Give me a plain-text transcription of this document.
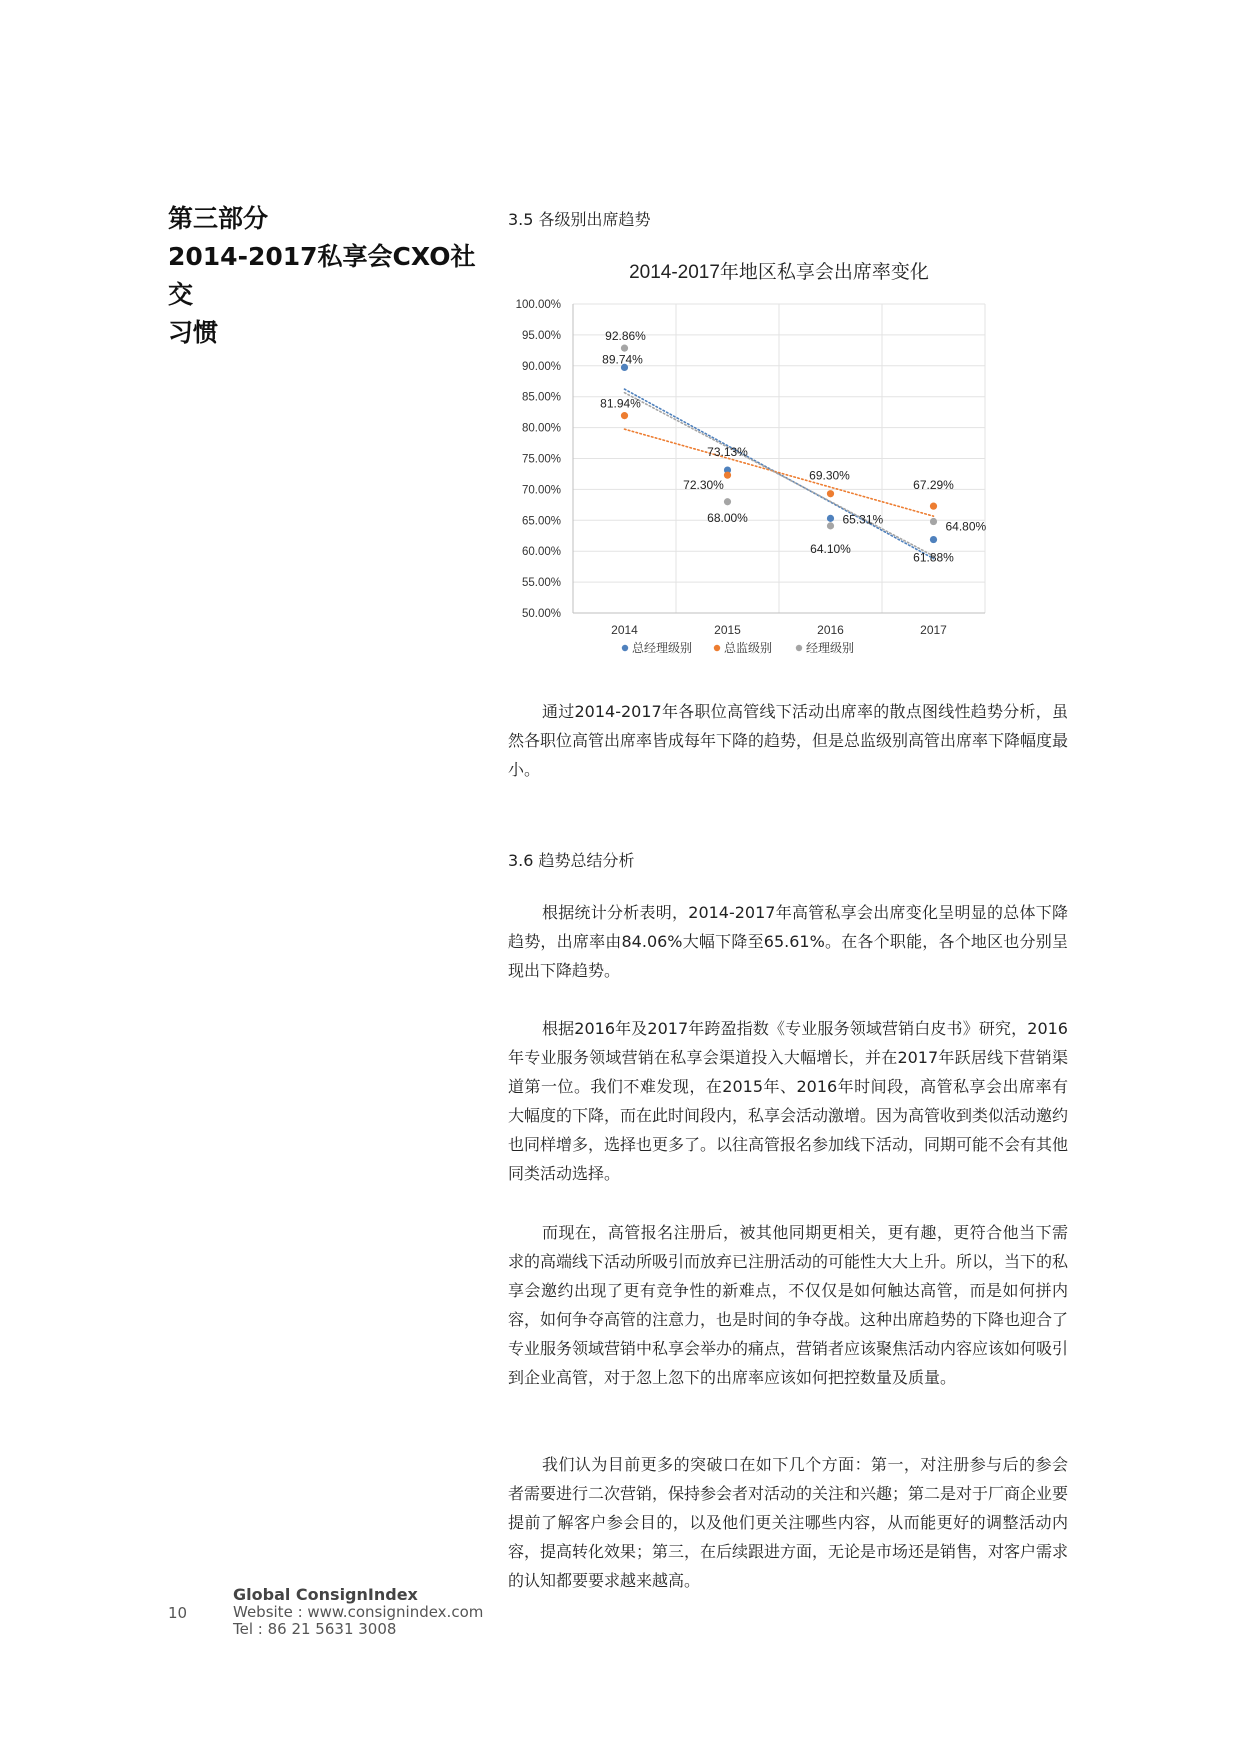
第三部分
2014-2017私享会CXO社交
习惯
3.5 各级别出席趋势
2014-2017年地区私享会出席率变化
100.00%
95.00%
90.00%
85.00%
80.00%
75.00%
70.00%
65.00%
60.00%
55.00%
50.00%
2014	2015	2016	2017
89.74%
73.13%
65.31%
61.88%
81.94%
72.30%
69.30%
67.29%
92.86%
68.00%
64.10%
64.80%
总经理级别	总监级别	经理级别

通过2014-2017年各职位高管线下活动出席率的散点图线性趋势分析，虽然各职位高管出席率皆成每年下降的趋势，但是总监级别高管出席率下降幅度最小。

3.6 趋势总结分析

根据统计分析表明，2014-2017年高管私享会出席变化呈明显的总体下降趋势，出席率由84.06%大幅下降至65.61%。在各个职能，各个地区也分别呈现出下降趋势。

根据2016年及2017年跨盈指数《专业服务领域营销白皮书》研究，2016年专业服务领域营销在私享会渠道投入大幅增长，并在2017年跃居线下营销渠道第一位。我们不难发现，在2015年、2016年时间段，高管私享会出席率有大幅度的下降，而在此时间段内，私享会活动激增。因为高管收到类似活动邀约也同样增多，选择也更多了。以往高管报名参加线下活动，同期可能不会有其他同类活动选择。

而现在，高管报名注册后，被其他同期更相关，更有趣，更符合他当下需求的高端线下活动所吸引而放弃已注册活动的可能性大大上升。所以，当下的私享会邀约出现了更有竞争性的新难点，不仅仅是如何触达高管，而是如何拼内容，如何争夺高管的注意力，也是时间的争夺战。这种出席趋势的下降也迎合了专业服务领域营销中私享会举办的痛点，营销者应该聚焦活动内容应该如何吸引到企业高管，对于忽上忽下的出席率应该如何把控数量及质量。

我们认为目前更多的突破口在如下几个方面：第一，对注册参与后的参会者需要进行二次营销，保持参会者对活动的关注和兴趣；第二是对于厂商企业要提前了解客户参会目的，以及他们更关注哪些内容，从而能更好的调整活动内容，提高转化效果；第三，在后续跟进方面，无论是市场还是销售，对客户需求的认知都要要求越来越高。

10
Global ConsignIndex
Website : www.consignindex.com
Tel : 86 21 5631 3008
